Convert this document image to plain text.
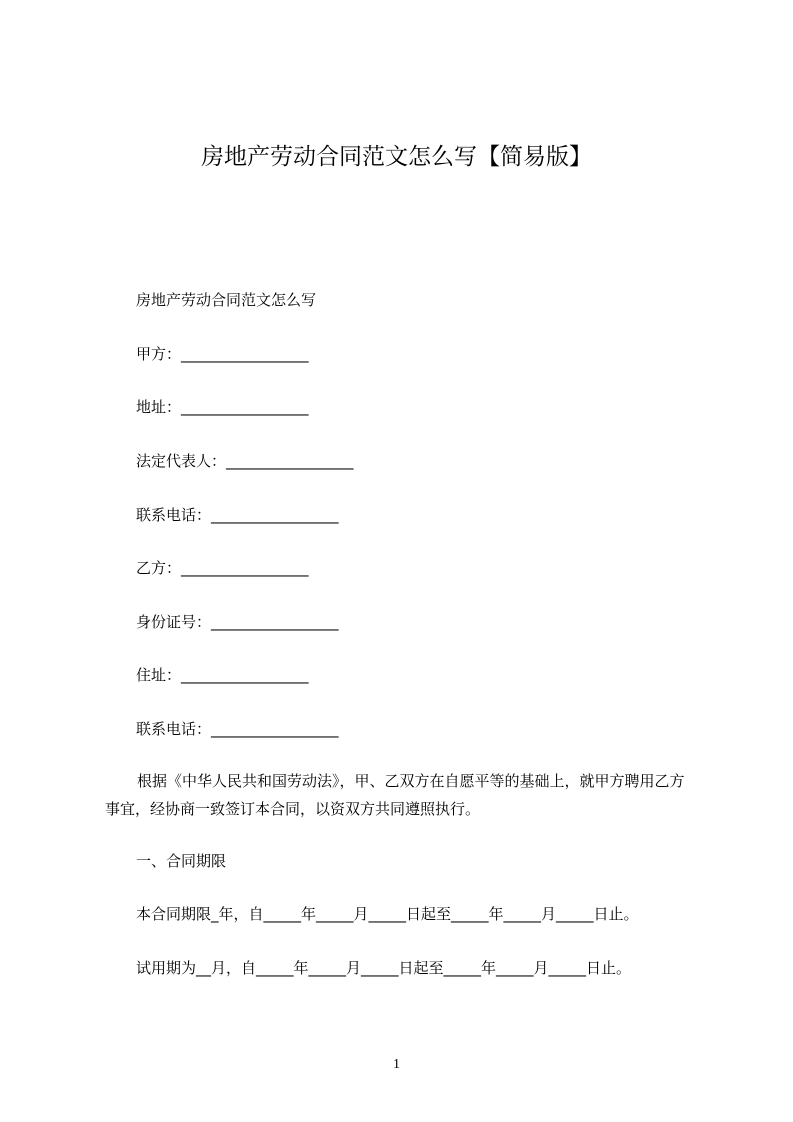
房地产劳动合同范文怎么写【简易版】
房地产劳动合同范文怎么写
甲方：_________________
地址：_________________
法定代表人：_________________
联系电话：_________________
乙方：_________________
身份证号：_________________
住址：_________________
联系电话：_________________
根据《中华人民共和国劳动法》，甲、乙双方在自愿平等的基础上，就甲方聘用乙方事宜，经协商一致签订本合同，以资双方共同遵照执行。
一、合同期限
本合同期限_年，自_____年_____月_____日起至_____年_____月_____日止。
试用期为__月，自_____年_____月_____日起至_____年_____月_____日止。
1
